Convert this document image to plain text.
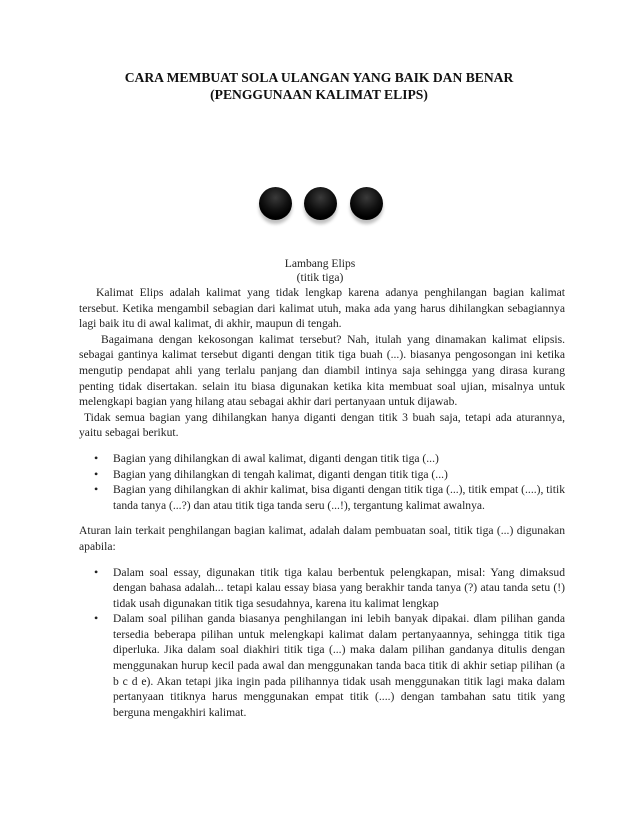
CARA MEMBUAT SOLA ULANGAN YANG BAIK DAN BENAR
(PENGGUNAAN KALIMAT ELIPS)
Lambang Elips
(titik tiga)

Kalimat Elips adalah kalimat yang tidak lengkap karena adanya penghilangan bagian kalimat tersebut. Ketika mengambil sebagian dari kalimat utuh, maka ada yang harus dihilangkan sebagiannya lagi baik itu di awal kalimat, di akhir, maupun di tengah.

Bagaimana dengan kekosongan kalimat tersebut? Nah, itulah yang dinamakan kalimat elipsis. sebagai gantinya kalimat tersebut diganti dengan titik tiga buah (...). biasanya pengosongan ini ketika mengutip pendapat ahli yang terlalu panjang dan diambil intinya saja sehingga yang dirasa kurang penting tidak disertakan. selain itu biasa digunakan ketika kita membuat soal ujian, misalnya untuk melengkapi bagian yang hilang atau sebagai akhir dari pertanyaan untuk dijawab.

Tidak semua bagian yang dihilangkan hanya diganti dengan titik 3 buah saja, tetapi ada aturannya, yaitu sebagai berikut.

• Bagian yang dihilangkan di awal kalimat, diganti dengan titik tiga (...)
• Bagian yang dihilangkan di tengah kalimat, diganti dengan titik tiga (...)
• Bagian yang dihilangkan di akhir kalimat, bisa diganti dengan titik tiga (...), titik empat (....), titik tanda tanya (...?) dan atau titik tiga tanda seru (...!), tergantung kalimat awalnya.

Aturan lain terkait penghilangan bagian kalimat, adalah dalam pembuatan soal, titik tiga (...) digunakan apabila:

• Dalam soal essay, digunakan titik tiga kalau berbentuk pelengkapan, misal: Yang dimaksud dengan bahasa adalah... tetapi kalau essay biasa yang berakhir tanda tanya (?) atau tanda setu (!) tidak usah digunakan titik tiga sesudahnya, karena itu kalimat lengkap
• Dalam soal pilihan ganda biasanya penghilangan ini lebih banyak dipakai. dlam pilihan ganda tersedia beberapa pilihan untuk melengkapi kalimat dalam pertanyaannya, sehingga titik tiga diperluka. Jika dalam soal diakhiri titik tiga (...) maka dalam pilihan gandanya ditulis dengan menggunakan hurup kecil pada awal dan menggunakan tanda baca titik di akhir setiap pilihan (a b c d e). Akan tetapi jika ingin pada pilihannya tidak usah menggunakan titik lagi maka dalam pertanyaan titiknya harus menggunakan empat titik (....) dengan tambahan satu titik yang berguna mengakhiri kalimat.
